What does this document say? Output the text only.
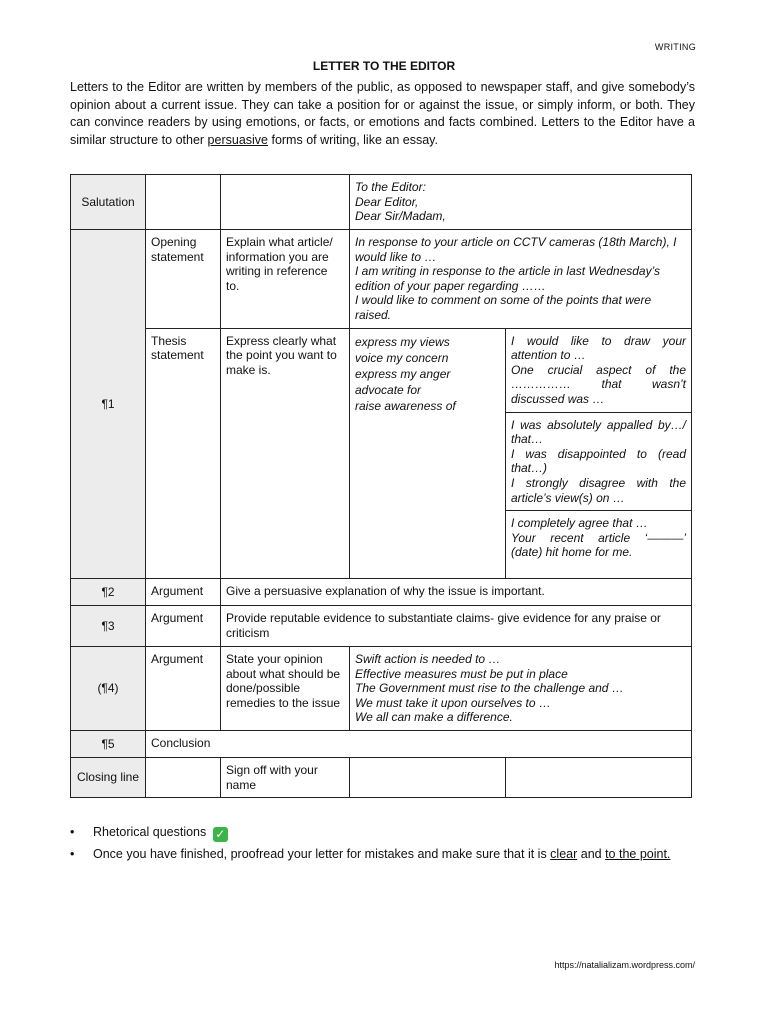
WRITING
LETTER TO THE EDITOR
Letters to the Editor are written by members of the public, as opposed to newspaper staff, and give somebody’s opinion about a current issue. They can take a position for or against the issue, or simply inform, or both. They can convince readers by using emotions, or facts, or emotions and facts combined. Letters to the Editor have a similar structure to other persuasive forms of writing, like an essay.
Salutation			To the Editor:
Dear Editor,
Dear Sir/Madam,	

¶1	Opening statement	Explain what article/ information you are writing in reference to.	In response to your article on CCTV cameras (18th March), I would like to …
I am writing in response to the article in last Wednesday’s edition of your paper regarding ……
I would like to comment on some of the points that were raised.	

	Thesis statement	Express clearly what the point you want to make is.	express my views
voice my concern
express my anger
advocate for
raise awareness of	I would like to draw your attention to …
One crucial aspect of the …………… that wasn’t discussed was …

				I was absolutely appalled by…/ that…
I was disappointed to (read that…)
I strongly disagree with the article’s view(s) on …

				I completely agree that …
Your recent article ‘———’ (date) hit home for me.

¶2	Argument	Give a persuasive explanation of why the issue is important.		
¶3	Argument	Provide reputable evidence to substantiate claims- give evidence for any praise or criticism		
(¶4)	Argument	State your opinion about what should be done/possible remedies to the issue	Swift action is needed to …
Effective measures must be put in place
The Government must rise to the challenge and …
We must take it upon ourselves to …
We all can make a difference.	

¶5	Conclusion			
Closing line		Sign off with your name		
• Rhetorical questions ✓
• Once you have finished, proofread your letter for mistakes and make sure that it is clear and to the point.
https://natalializam.wordpress.com/
